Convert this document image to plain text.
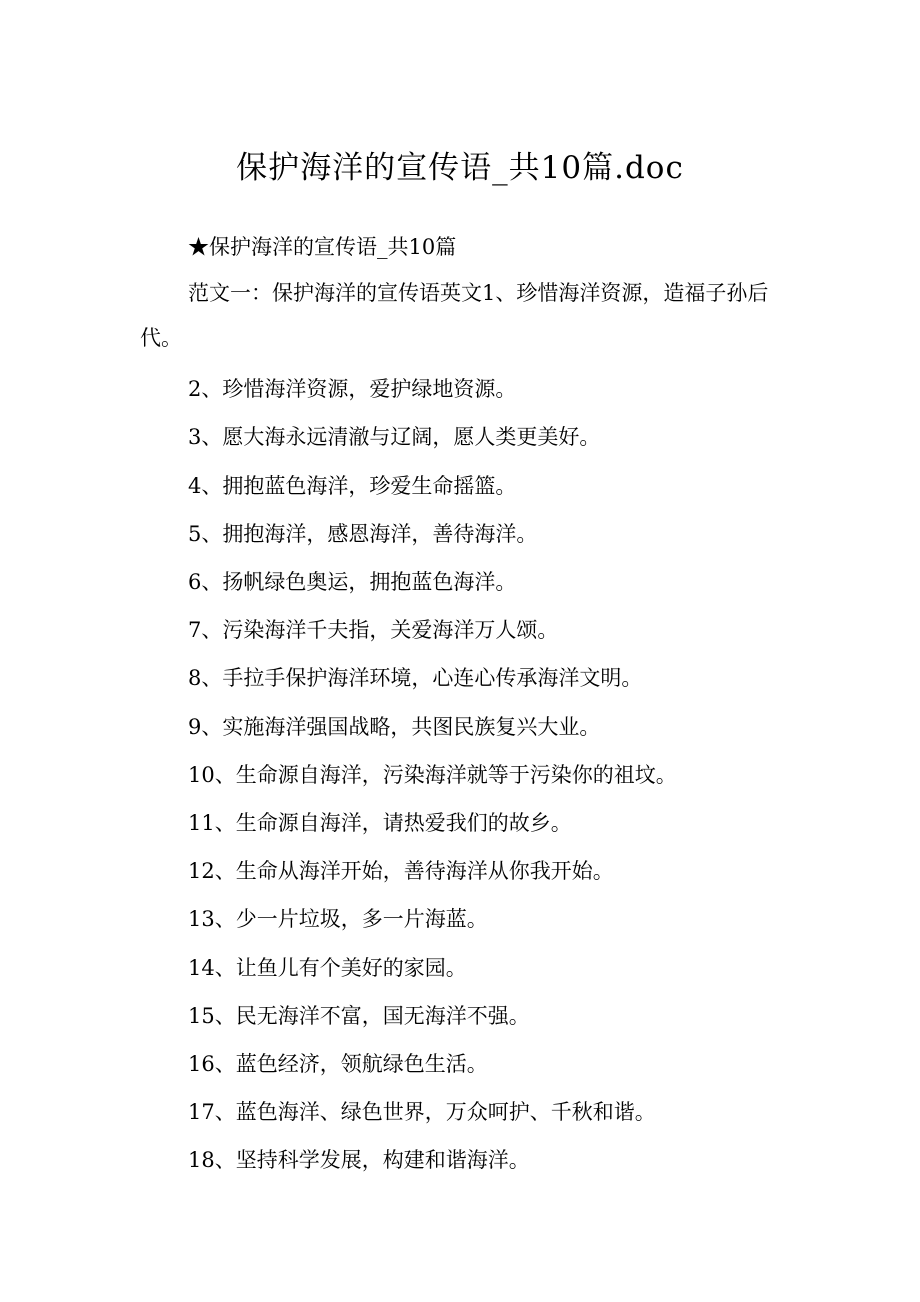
保护海洋的宣传语_共10篇.doc

★保护海洋的宣传语_共10篇

范文一：保护海洋的宣传语英文1、珍惜海洋资源，造福子孙后代。

2、珍惜海洋资源，爱护绿地资源。

3、愿大海永远清澈与辽阔，愿人类更美好。

4、拥抱蓝色海洋，珍爱生命摇篮。

5、拥抱海洋，感恩海洋，善待海洋。

6、扬帆绿色奥运，拥抱蓝色海洋。

7、污染海洋千夫指，关爱海洋万人颂。

8、手拉手保护海洋环境，心连心传承海洋文明。

9、实施海洋强国战略，共图民族复兴大业。

10、生命源自海洋，污染海洋就等于污染你的祖坟。

11、生命源自海洋，请热爱我们的故乡。

12、生命从海洋开始，善待海洋从你我开始。

13、少一片垃圾，多一片海蓝。

14、让鱼儿有个美好的家园。

15、民无海洋不富，国无海洋不强。

16、蓝色经济，领航绿色生活。

17、蓝色海洋、绿色世界，万众呵护、千秋和谐。

18、坚持科学发展，构建和谐海洋。
